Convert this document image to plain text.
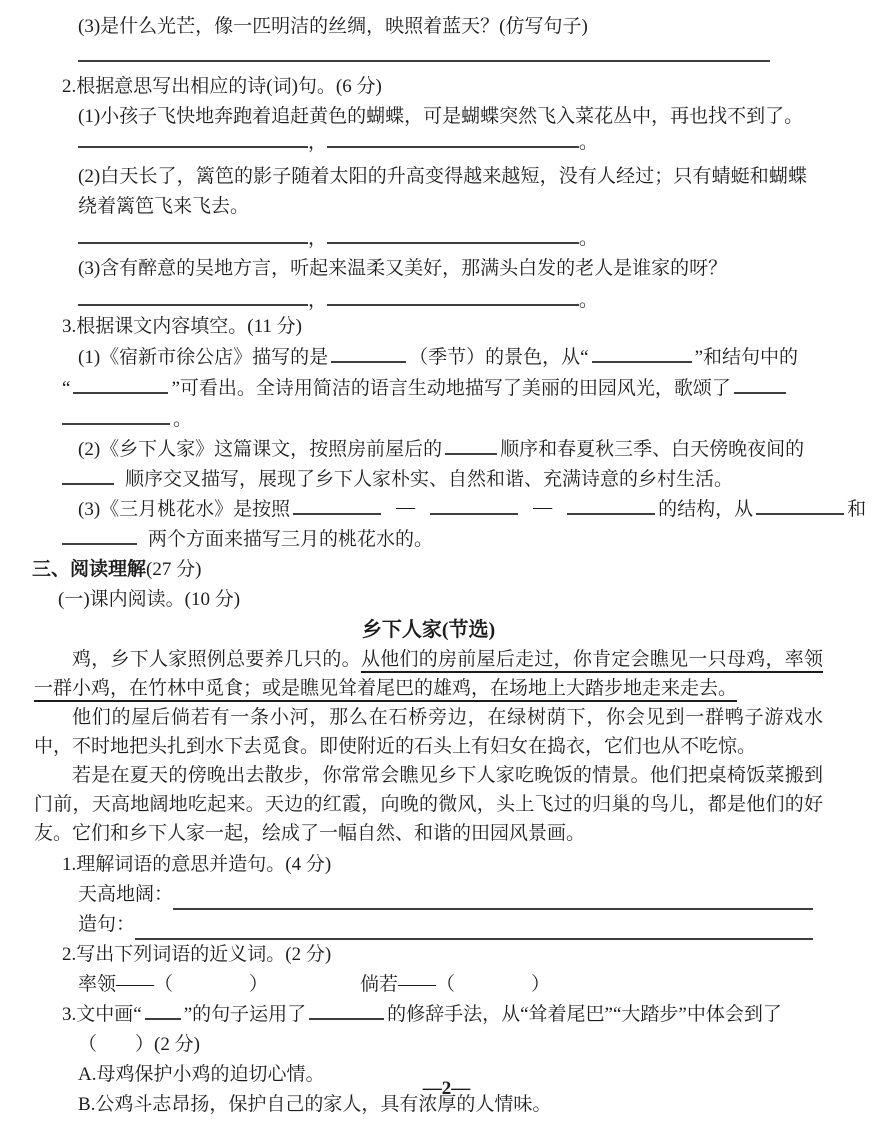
(3)是什么光芒，像一匹明洁的丝绸，映照着蓝天？(仿写句子)
2.根据意思写出相应的诗(词)句。(6 分)
(1)小孩子飞快地奔跑着追赶黄色的蝴蝶，可是蝴蝶突然飞入菜花丛中，再也找不到了。
，	。
(2)白天长了，篱笆的影子随着太阳的升高变得越来越短，没有人经过；只有蜻蜓和蝴蝶绕着篱笆飞来飞去。
，	。
(3)含有醉意的吴地方言，听起来温柔又美好，那满头白发的老人是谁家的呀？
，	。
3.根据课文内容填空。(11 分)
(1)《宿新市徐公店》描写的是	（季节）的景色，从“	”和结句中的
“	”可看出。全诗用简洁的语言生动地描写了美丽的田园风光，歌颂了
。
(2)《乡下人家》这篇课文，按照房前屋后的	顺序和春夏秋三季、白天傍晚夜间的
顺序交叉描写，展现了乡下人家朴实、自然和谐、充满诗意的乡村生活。
(3)《三月桃花水》是按照	—	—	的结构，从	和
两个方面来描写三月的桃花水的。
三、阅读理解(27 分)
(一)课内阅读。(10 分)
乡下人家(节选)
鸡，乡下人家照例总要养几只的。从他们的房前屋后走过，你肯定会瞧见一只母鸡，率领一群小鸡，在竹林中觅食；或是瞧见耸着尾巴的雄鸡，在场地上大踏步地走来走去。
他们的屋后倘若有一条小河，那么在石桥旁边，在绿树荫下，你会见到一群鸭子游戏水中，不时地把头扎到水下去觅食。即使附近的石头上有妇女在捣衣，它们也从不吃惊。
若是在夏天的傍晚出去散步，你常常会瞧见乡下人家吃晚饭的情景。他们把桌椅饭菜搬到门前，天高地阔地吃起来。天边的红霞，向晚的微风，头上飞过的归巢的鸟儿，都是他们的好友。它们和乡下人家一起，绘成了一幅自然、和谐的田园风景画。
1.理解词语的意思并造句。(4 分)
天高地阔：
造句：
2.写出下列词语的近义词。(2 分)
率领——（　　　　）	倘若——（　　　　）
3.文中画“ ”的句子运用了	的修辞手法，从“耸着尾巴”“大踏步”中体会到了
（　　）(2 分)
A.母鸡保护小鸡的迫切心情。
B.公鸡斗志昂扬，保护自己的家人，具有浓厚的人情味。
—2—
